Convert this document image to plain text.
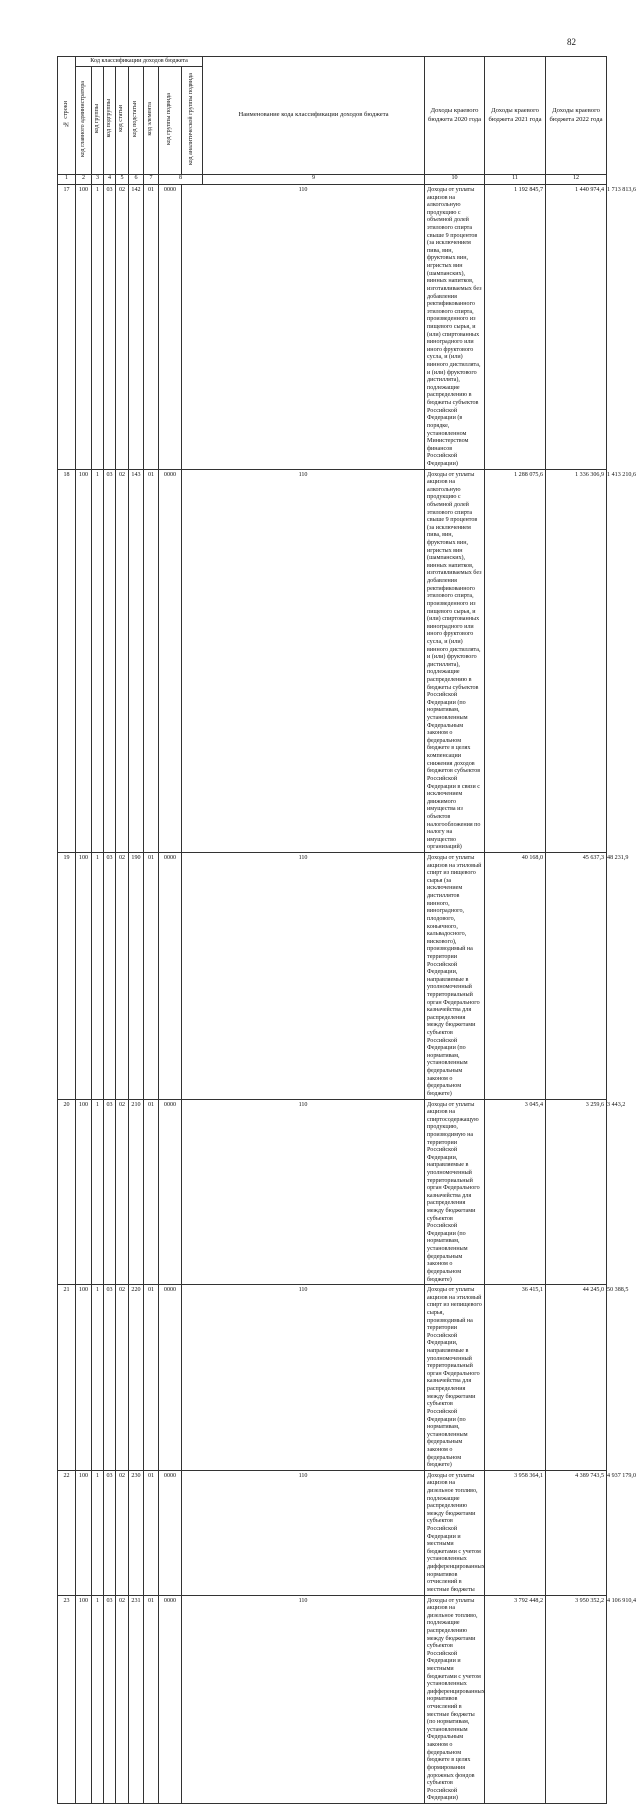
82
№ строки	Код классификации доходов бюджета								Наименование кода классификации доходов бюджета	Доходы краевого бюджета 2020 года	Доходы краевого бюджета 2021 года	Доходы краевого бюджета 2022 года	
	код главного администратора	код группы	код подгруппы	код статьи	код подстатьи	код элемента	код группы подвида	код аналитической группы подвида					
1	2	3	4	5	6	7	8		9	10	11	12	
17	100	1	03	02	142	01	0000	110		Доходы от уплаты акцизов на алкогольную продукцию с объемной долей этилового спирта свыше 9 процентов (за исключением пива, вин, фруктовых вин, игристых вин (шампанских), винных напитков, изготавливаемых без добавления ректификованного этилового спирта, произведенного из пищевого сырья, и (или) спиртованных виноградного или иного фруктового сусла, и (или) винного дистиллята, и (или) фруктового дистиллята), подлежащие распределению в бюджеты субъектов Российской Федерации (в порядке, установленном Министерством финансов Российской Федерации)	1 192 845,7	1 440 974,4	1 713 813,6
18	100	1	03	02	143	01	0000	110		Доходы от уплаты акцизов на алкогольную продукцию с объемной долей этилового спирта свыше 9 процентов (за исключением пива, вин, фруктовых вин, игристых вин (шампанских), винных напитков, изготавливаемых без добавления ректификованного этилового спирта, произведенного из пищевого сырья, и (или) спиртованных виноградного или иного фруктового сусла, и (или) винного дистиллята, и (или) фруктового дистиллята), подлежащие распределению в бюджеты субъектов Российской Федерации (по нормативам, установленным Федеральным законом о федеральном бюджете в целях компенсации снижения доходов бюджетов субъектов Российской Федерации в связи с исключением движимого имущества из объектов налогообложения по налогу на имущество организаций)	1 288 075,6	1 336 306,9	1 413 210,6
19	100	1	03	02	190	01	0000	110		Доходы от уплаты акцизов на этиловый спирт из пищевого сырья (за исключением дистиллятов винного, виноградного, плодового, коньячного, кальвадосного, вискового), производимый на территории Российской Федерации, направляемые в уполномоченный территориальный орган Федерального казначейства для распределения между бюджетами субъектов Российской Федерации (по нормативам, установленным федеральным законом о федеральном бюджете)	40 168,0	45 637,3	48 231,9
20	100	1	03	02	210	01	0000	110		Доходы от уплаты акцизов на спиртосодержащую продукцию, производимую на территории Российской Федерации, направляемые в уполномоченный территориальный орган Федерального казначейства для распределения между бюджетами субъектов Российской Федерации (по нормативам, установленным федеральным законом о федеральном бюджете)	3 045,4	3 259,6	3 443,2
21	100	1	03	02	220	01	0000	110		Доходы от уплаты акцизов на этиловый спирт из непищевого сырья, производимый на территории Российской Федерации, направляемые в уполномоченный территориальный орган Федерального казначейства для распределения между бюджетами субъектов Российской Федерации (по нормативам, установленным федеральным законом о федеральном бюджете)	36 415,1	44 245,0	50 388,5
22	100	1	03	02	230	01	0000	110		Доходы от уплаты акцизов на дизельное топливо, подлежащие распределению между бюджетами субъектов Российской Федерации и местными бюджетами с учетом установленных дифференцированных нормативов отчислений в местные бюджеты	3 958 364,1	4 389 743,5	4 937 179,0
23	100	1	03	02	231	01	0000	110		Доходы от уплаты акцизов на дизельное топливо, подлежащие распределению между бюджетами субъектов Российской Федерации и местными бюджетами с учетом установленных дифференцированных нормативов отчислений в местные бюджеты (по нормативам, установленным Федеральным законом о федеральном бюджете в целях формирования дорожных фондов субъектов Российской Федерации)	3 792 448,2	3 950 352,2	4 106 910,4
